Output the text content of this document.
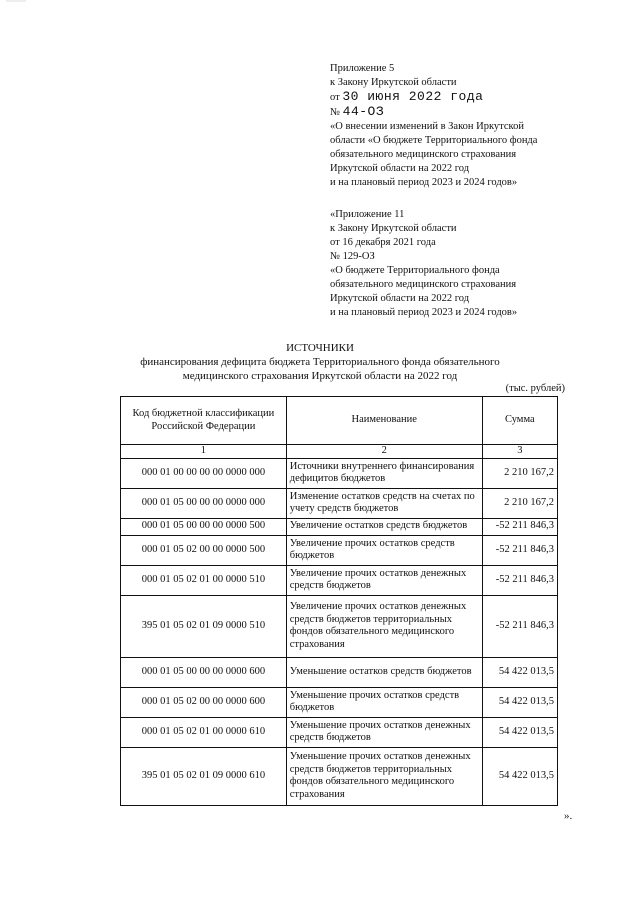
Приложение 5
к Закону Иркутской области
от 30 июня 2022 года
№ 44-ОЗ
«О внесении изменений в Закон Иркутской
области «О бюджете Территориального фонда
обязательного медицинского страхования
Иркутской области на 2022 год
и на плановый период 2023 и 2024 годов»
«Приложение 11
к Закону Иркутской области
от 16 декабря 2021 года
№ 129-ОЗ
«О бюджете Территориального фонда
обязательного медицинского страхования
Иркутской области на 2022 год
и на плановый период 2023 и 2024 годов»
ИСТОЧНИКИ
финансирования дефицита бюджета Территориального фонда обязательного
медицинского страхования Иркутской области на 2022 год
(тыс. рублей)
Код бюджетной классификации Российской Федерации	Наименование	Сумма
1	2	3
000 01 00 00 00 00 0000 000	Источники внутреннего финансирования дефицитов бюджетов	2 210 167,2
000 01 05 00 00 00 0000 000	Изменение остатков средств на счетах по учету средств бюджетов	2 210 167,2
000 01 05 00 00 00 0000 500	Увеличение остатков средств бюджетов	-52 211 846,3
000 01 05 02 00 00 0000 500	Увеличение прочих остатков средств бюджетов	-52 211 846,3
000 01 05 02 01 00 0000 510	Увеличение прочих остатков денежных средств бюджетов	-52 211 846,3
395 01 05 02 01 09 0000 510	Увеличение прочих остатков денежных средств бюджетов территориальных фондов обязательного медицинского страхования	-52 211 846,3
000 01 05 00 00 00 0000 600	Уменьшение остатков средств бюджетов	54 422 013,5
000 01 05 02 00 00 0000 600	Уменьшение прочих остатков средств бюджетов	54 422 013,5
000 01 05 02 01 00 0000 610	Уменьшение прочих остатков денежных средств бюджетов	54 422 013,5
395 01 05 02 01 09 0000 610	Уменьшение прочих остатков денежных средств бюджетов территориальных фондов обязательного медицинского страхования	54 422 013,5
».
